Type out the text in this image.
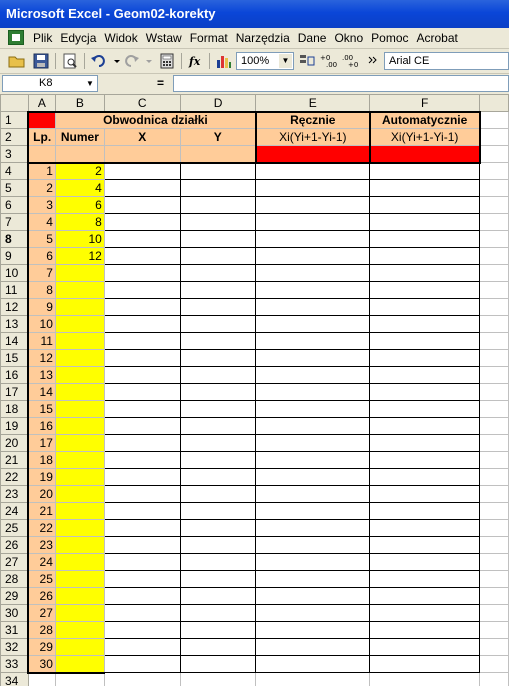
Microsoft Excel - Geom02-korekty
Plik Edycja Widok Wstaw Format Narzędzia Dane Okno Pomoc Acrobat
fx	100%	▼	+0
.00
.00
+0	Arial CE
K8	▼	=
	A	B	C	D	E	F	
1		Obwodnica działki			Ręcznie	Automatycznie	
2	Lp.	Numer	X	Y	Xi(Yi+1-Yi-1)	Xi(Yi+1-Yi-1)	
3							
4	1	2					
5	2	4					
6	3	6					
7	4	8					
8	5	10					
9	6	12					
10	7						
11	8						
12	9						
13	10						
14	11						
15	12						
16	13						
17	14						
18	15						
19	16						
20	17						
21	18						
22	19						
23	20						
24	21						
25	22						
26	23						
27	24						
28	25						
29	26						
30	27						
31	28						
32	29						
33	30						
34							
